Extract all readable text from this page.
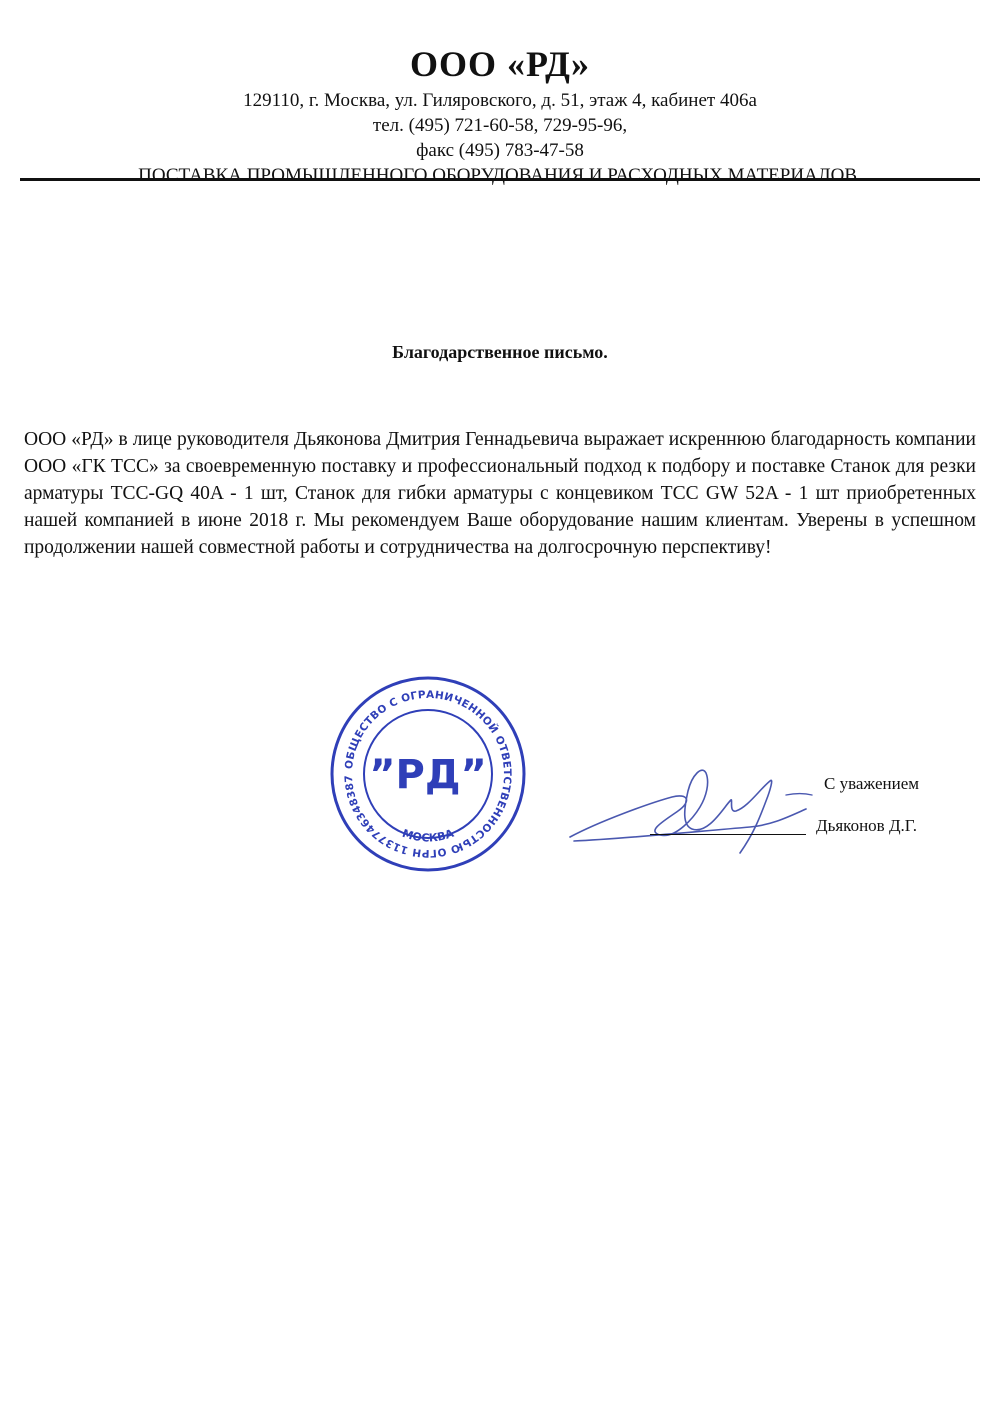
ООО «РД»
129110, г. Москва, ул. Гиляровского, д. 51, этаж 4, кабинет 406а
тел. (495) 721-60-58, 729-95-96,
факс (495) 783-47-58
ПОСТАВКА ПРОМЫШЛЕННОГО ОБОРУДОВАНИЯ И РАСХОДНЫХ МАТЕРИАЛОВ.
Благодарственное письмо.

ООО «РД» в лице руководителя Дьяконова Дмитрия Геннадьевича выражает искреннюю благодарность компании ООО «ГК ТСС» за своевременную поставку и профессиональный подход к подбору и поставке Станок для резки арматуры ТСС-GQ 40A - 1 шт, Станок для гибки арматуры с концевиком ТСС GW 52A - 1 шт приобретенных нашей компанией в июне 2018 г. Мы рекомендуем Ваше оборудование нашим клиентам. Уверены в успешном продолжении нашей совместной работы и сотрудничества на долгосрочную перспективу!

ОБЩЕСТВО С ОГРАНИЧЕННОЙ ОТВЕТСТВЕННОСТЬЮ ОГРН 1137746348387
МОСКВА
”РД”	С уважением
Дьяконов Д.Г.
